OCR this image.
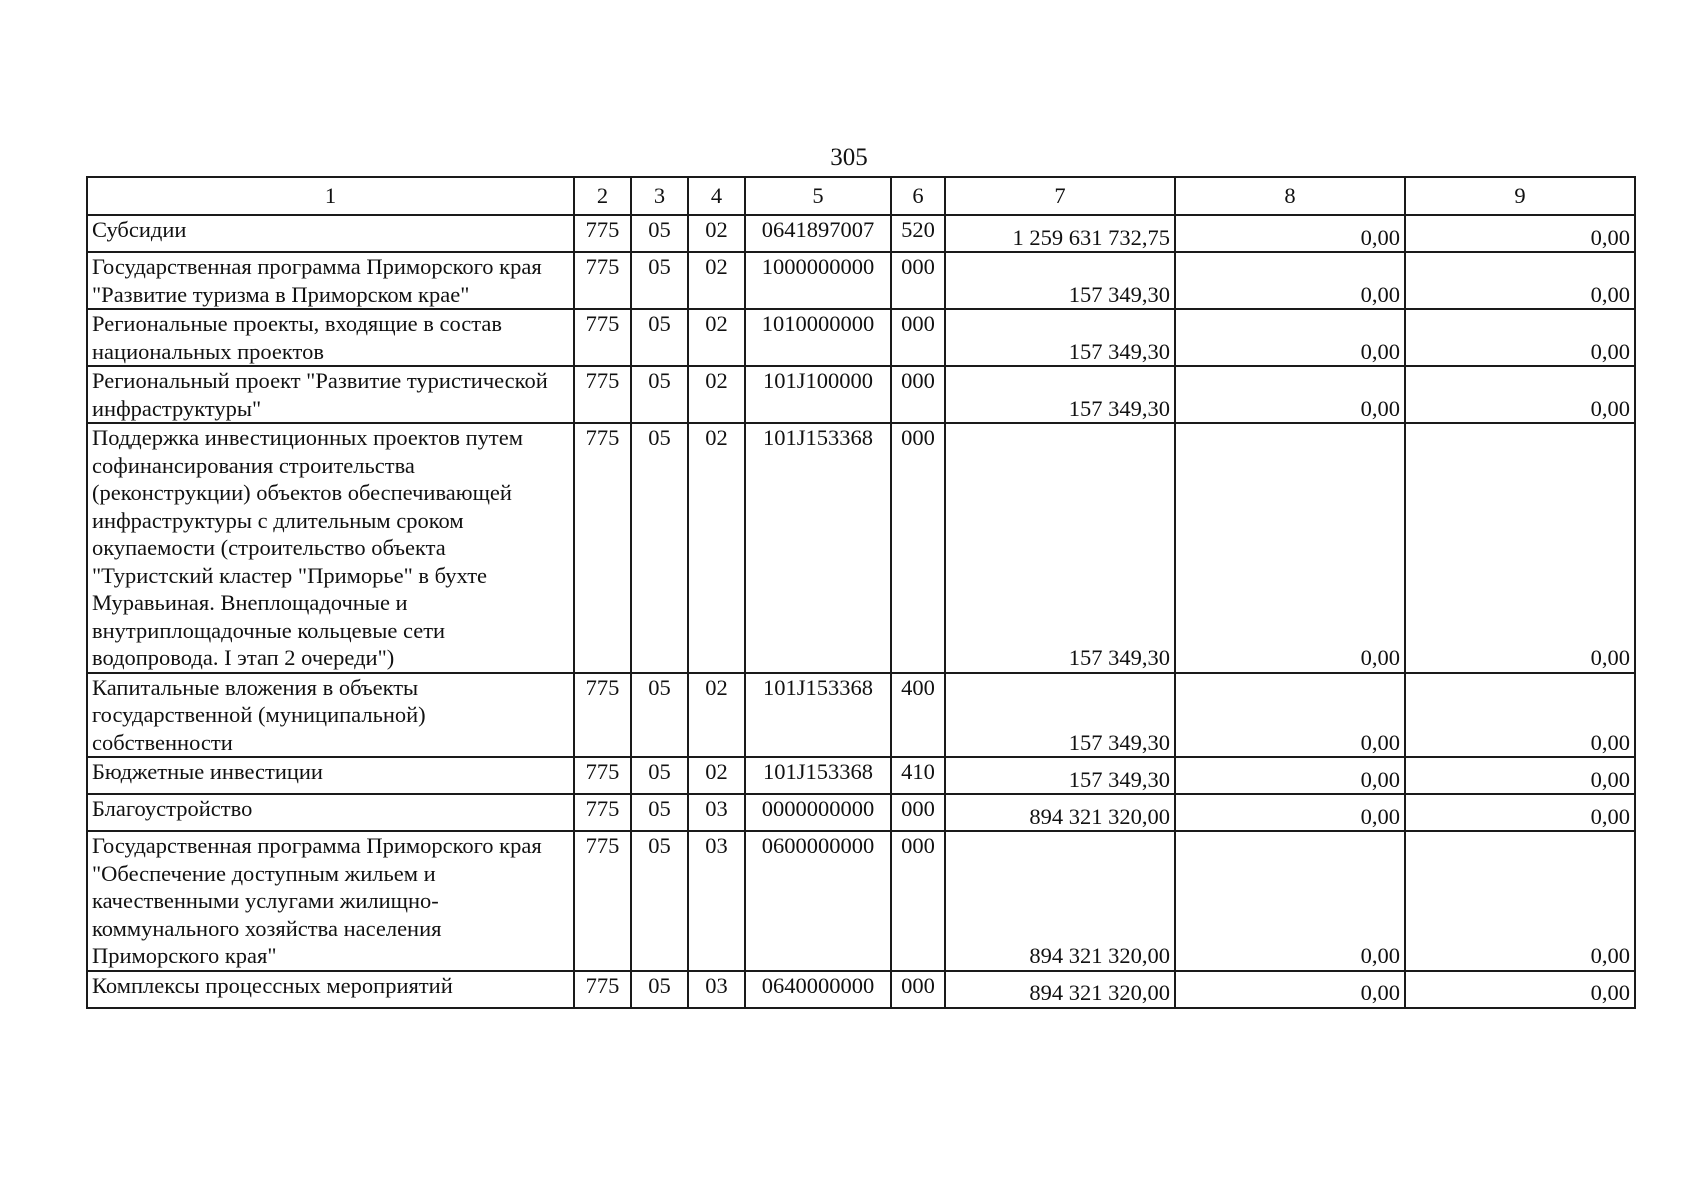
305
1	2	3	4	5	6	7	8	9
Субсидии	775	05	02	0641897007	520	1 259 631 732,75	0,00	0,00
Государственная программа Приморского края "Развитие туризма в Приморском крае"	775	05	02	1000000000	000	157 349,30	0,00	0,00
Региональные проекты, входящие в состав национальных проектов	775	05	02	1010000000	000	157 349,30	0,00	0,00
Региональный проект "Развитие туристической инфраструктуры"	775	05	02	101J100000	000	157 349,30	0,00	0,00
Поддержка инвестиционных проектов путем софинансирования строительства (реконструкции) объектов обеспечивающей инфраструктуры с длительным сроком окупаемости (строительство объекта "Туристский кластер "Приморье" в бухте Муравьиная. Внеплощадочные и внутриплощадочные кольцевые сети водопровода. I этап 2 очереди")	775	05	02	101J153368	000	157 349,30	0,00	0,00
Капитальные вложения в объекты государственной (муниципальной) собственности	775	05	02	101J153368	400	157 349,30	0,00	0,00
Бюджетные инвестиции	775	05	02	101J153368	410	157 349,30	0,00	0,00
Благоустройство	775	05	03	0000000000	000	894 321 320,00	0,00	0,00
Государственная программа Приморского края "Обеспечение доступным жильем и качественными услугами жилищно-коммунального хозяйства населения Приморского края"	775	05	03	0600000000	000	894 321 320,00	0,00	0,00
Комплексы процессных мероприятий	775	05	03	0640000000	000	894 321 320,00	0,00	0,00
